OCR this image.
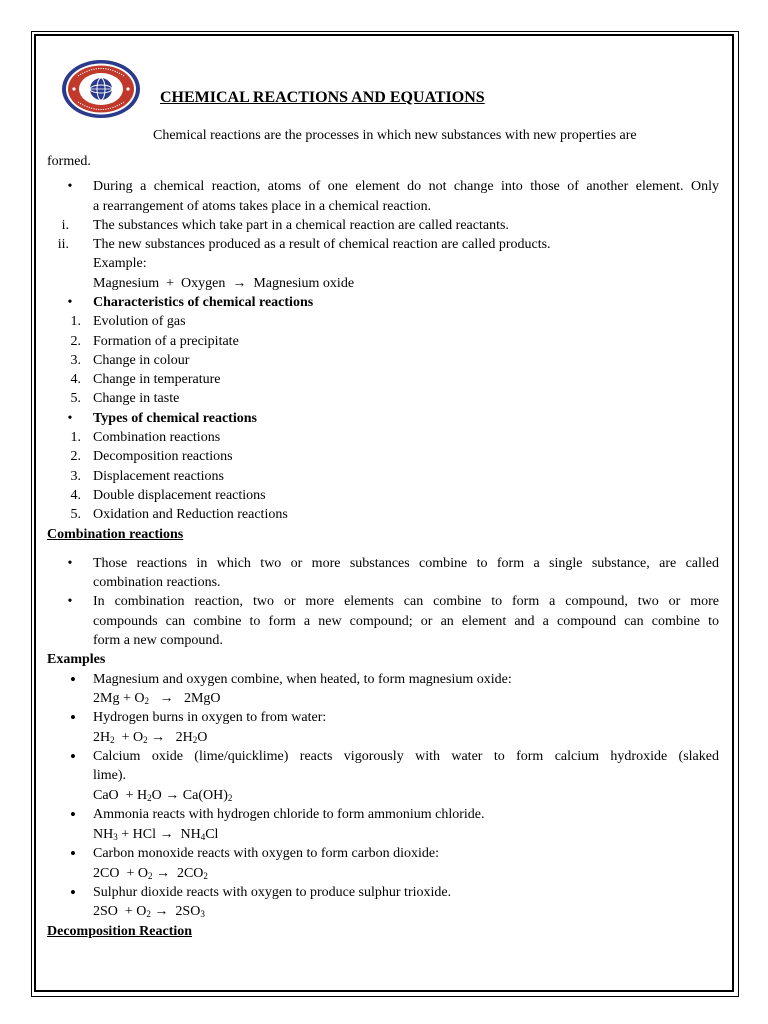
CHEMICAL REACTIONS AND EQUATIONS
Chemical reactions are the processes in which new substances with new properties are
formed.
•	During a chemical reaction, atoms of one element do not change into those of another element. Only
a rearrangement of atoms takes place in a chemical reaction.
i. The substances which take part in a chemical reaction are called reactants.
ii. The new substances produced as a result of chemical reaction are called products.
Example:
Magnesium  +  Oxygen  →  Magnesium oxide
•	Characteristics of chemical reactions
1. Evolution of gas
2. Formation of a precipitate
3. Change in colour
4. Change in temperature
5. Change in taste
•	Types of chemical reactions
1. Combination reactions
2. Decomposition reactions
3. Displacement reactions
4. Double displacement reactions
5. Oxidation and Reduction reactions
Combination reactions
•	Those reactions in which two or more substances combine to form a single substance, are called
combination reactions.
•	In combination reaction, two or more elements can combine to form a compound, two or more
compounds can combine to form a new compound; or an element and a compound can combine to
form a new compound.
Examples
•	Magnesium and oxygen combine, when heated, to form magnesium oxide:
$2Mg + O_2 \to 2MgO$
•	Hydrogen burns in oxygen to from water:
$2H_2 + O_2 \to 2H_2O$
•	Calcium oxide (lime/quicklime) reacts vigorously with water to form calcium hydroxide (slaked
lime).
CaO  + $H_2O \to Ca(OH)_2$
•	Ammonia reacts with hydrogen chloride to form ammonium chloride.
$NH_3$ + HCl →  $NH_4Cl$
•	Carbon monoxide reacts with oxygen to form carbon dioxide:
$2CO + O_2 \to 2CO_2$
•	Sulphur dioxide reacts with oxygen to produce sulphur trioxide.
$2SO + O_2 \to 2SO_3$
Decomposition Reaction
